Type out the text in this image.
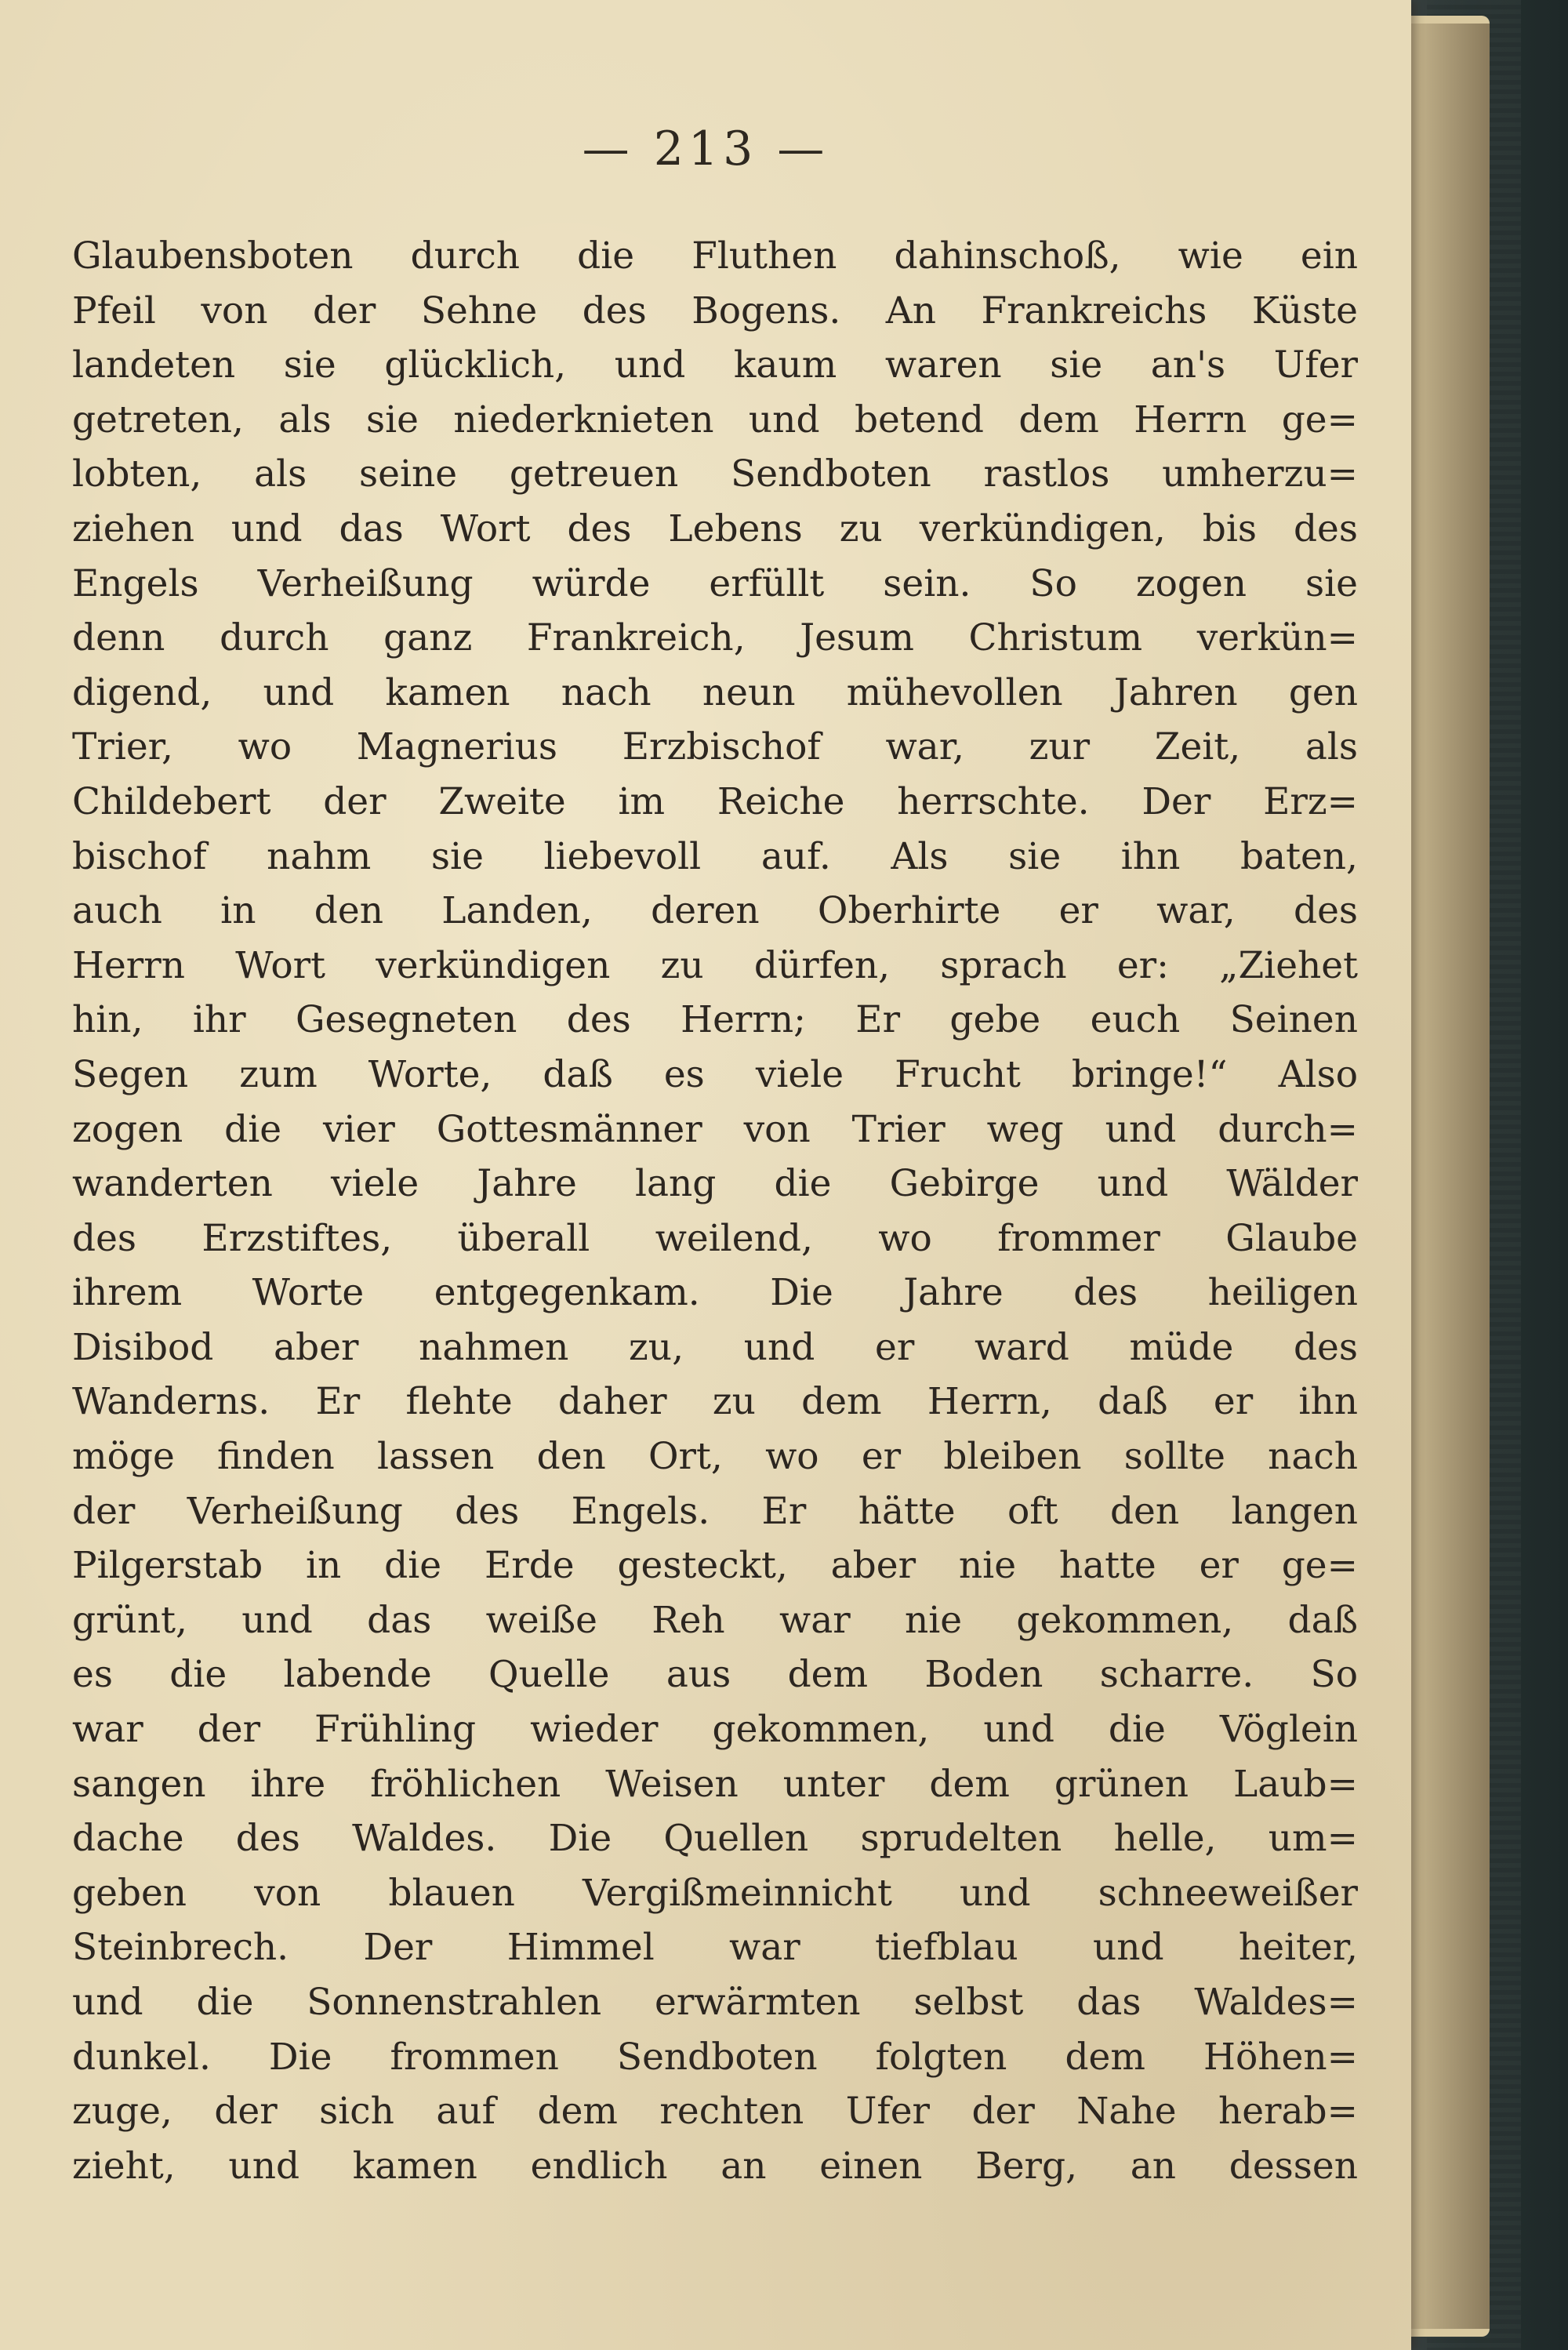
— 213 —
Glaubensboten durch die Fluthen dahinschoß, wie ein
Pfeil von der Sehne des Bogens. An Frankreichs Küste
landeten sie glücklich, und kaum waren sie an's Ufer
getreten, als sie niederknieten und betend dem Herrn ge=
lobten, als seine getreuen Sendboten rastlos umherzu=
ziehen und das Wort des Lebens zu verkündigen, bis des
Engels Verheißung würde erfüllt sein. So zogen sie
denn durch ganz Frankreich, Jesum Christum verkün=
digend, und kamen nach neun mühevollen Jahren gen
Trier, wo Magnerius Erzbischof war, zur Zeit, als
Childebert der Zweite im Reiche herrschte. Der Erz=
bischof nahm sie liebevoll auf. Als sie ihn baten,
auch in den Landen, deren Oberhirte er war, des
Herrn Wort verkündigen zu dürfen, sprach er: „Ziehet
hin, ihr Gesegneten des Herrn; Er gebe euch Seinen
Segen zum Worte, daß es viele Frucht bringe!“ Also
zogen die vier Gottesmänner von Trier weg und durch=
wanderten viele Jahre lang die Gebirge und Wälder
des Erzstiftes, überall weilend, wo frommer Glaube
ihrem Worte entgegenkam. Die Jahre des heiligen
Disibod aber nahmen zu, und er ward müde des
Wanderns. Er flehte daher zu dem Herrn, daß er ihn
möge finden lassen den Ort, wo er bleiben sollte nach
der Verheißung des Engels. Er hätte oft den langen
Pilgerstab in die Erde gesteckt, aber nie hatte er ge=
grünt, und das weiße Reh war nie gekommen, daß
es die labende Quelle aus dem Boden scharre. So
war der Frühling wieder gekommen, und die Vöglein
sangen ihre fröhlichen Weisen unter dem grünen Laub=
dache des Waldes. Die Quellen sprudelten helle, um=
geben von blauen Vergißmeinnicht und schneeweißer
Steinbrech. Der Himmel war tiefblau und heiter,
und die Sonnenstrahlen erwärmten selbst das Waldes=
dunkel. Die frommen Sendboten folgten dem Höhen=
zuge, der sich auf dem rechten Ufer der Nahe herab=
zieht, und kamen endlich an einen Berg, an dessen
